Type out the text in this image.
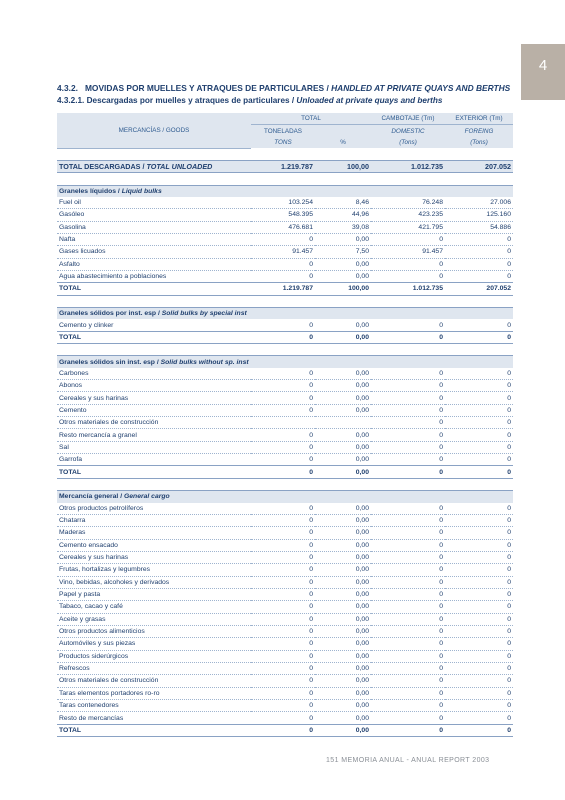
4
4.3.2. MOVIDAS POR MUELLES Y ATRAQUES DE PARTICULARES / HANDLED AT PRIVATE QUAYS AND BERTHS
4.3.2.1. Descargadas por muelles y atraques de particulares / Unloaded at private quays and berths
MERCANCÍAS / GOODS	TOTAL		CAMBOTAJE (Tm)	EXTERIOR (Tm)
	TONELADAS		DOMESTIC	FOREING
	TONS	%	(Tons)	(Tons)

TOTAL DESCARGADAS / TOTAL UNLOADED	1.219.787	100,00	1.012.735	207.052

Graneles líquidos / Liquid bulks				
Fuel oil	103.254	8,46	76.248	27.006
Gasóleo	548.395	44,96	423.235	125.160
Gasolina	476.681	39,08	421.795	54.886
Nafta	0	0,00	0	0
Gases licuados	91.457	7,50	91.457	0
Asfalto	0	0,00	0	0
Agua abastecimiento a poblaciones	0	0,00	0	0
TOTAL	1.219.787	100,00	1.012.735	207.052

Graneles sólidos por inst. esp / Solid bulks by special inst				
Cemento y clinker	0	0,00	0	0
TOTAL	0	0,00	0	0

Graneles sólidos sin inst. esp / Solid bulks without sp. inst				
Carbones	0	0,00	0	0
Abonos	0	0,00	0	0
Cereales y sus harinas	0	0,00	0	0
Cemento	0	0,00	0	0
Otros materiales de construcción			0	0
Resto mercancía a granel	0	0,00	0	0
Sal	0	0,00	0	0
Garrofa	0	0,00	0	0
TOTAL	0	0,00	0	0

Mercancía general / General cargo				
Otros productos petrolíferos	0	0,00	0	0
Chatarra	0	0,00	0	0
Maderas	0	0,00	0	0
Cemento ensacado	0	0,00	0	0
Cereales y sus harinas	0	0,00	0	0
Frutas, hortalizas y legumbres	0	0,00	0	0
Vino, bebidas, alcoholes y derivados	0	0,00	0	0
Papel y pasta	0	0,00	0	0
Tabaco, cacao y café	0	0,00	0	0
Aceite y grasas	0	0,00	0	0
Otros productos alimenticios	0	0,00	0	0
Automóviles y sus piezas	0	0,00	0	0
Productos siderúrgicos	0	0,00	0	0
Refrescos	0	0,00	0	0
Otros materiales de construcción	0	0,00	0	0
Taras elementos portadores ro-ro	0	0,00	0	0
Taras contenedores	0	0,00	0	0
Resto de mercancías	0	0,00	0	0
TOTAL	0	0,00	0	0
151 MEMORIA ANUAL - ANUAL REPORT 2003
